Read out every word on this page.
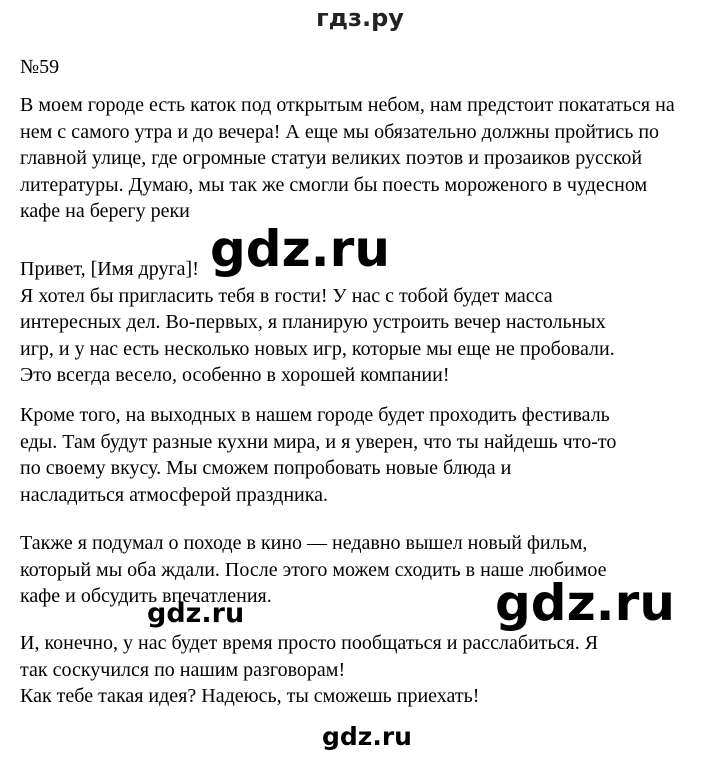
гдз.ру
№59
В моем городе есть каток под открытым небом, нам предстоит покататься на
нем с самого утра и до вечера! А еще мы обязательно должны пройтись по
главной улице, где огромные статуи великих поэтов и прозаиков русской
литературы. Думаю, мы так же смогли бы поесть мороженого в чудесном
кафе на берегу реки
Привет, [Имя друга]!
Я хотел бы пригласить тебя в гости! У нас с тобой будет масса
интересных дел. Во-первых, я планирую устроить вечер настольных
игр, и у нас есть несколько новых игр, которые мы еще не пробовали.
Это всегда весело, особенно в хорошей компании!
Кроме того, на выходных в нашем городе будет проходить фестиваль
еды. Там будут разные кухни мира, и я уверен, что ты найдешь что-то
по своему вкусу. Мы сможем попробовать новые блюда и
насладиться атмосферой праздника.
Также я подумал о походе в кино — недавно вышел новый фильм,
который мы оба ждали. После этого можем сходить в наше любимое
кафе и обсудить впечатления.
И, конечно, у нас будет время просто пообщаться и расслабиться. Я
так соскучился по нашим разговорам!
Как тебе такая идея? Надеюсь, ты сможешь приехать!
gdz.ru
gdz.ru
gdz.ru
gdz.ru
